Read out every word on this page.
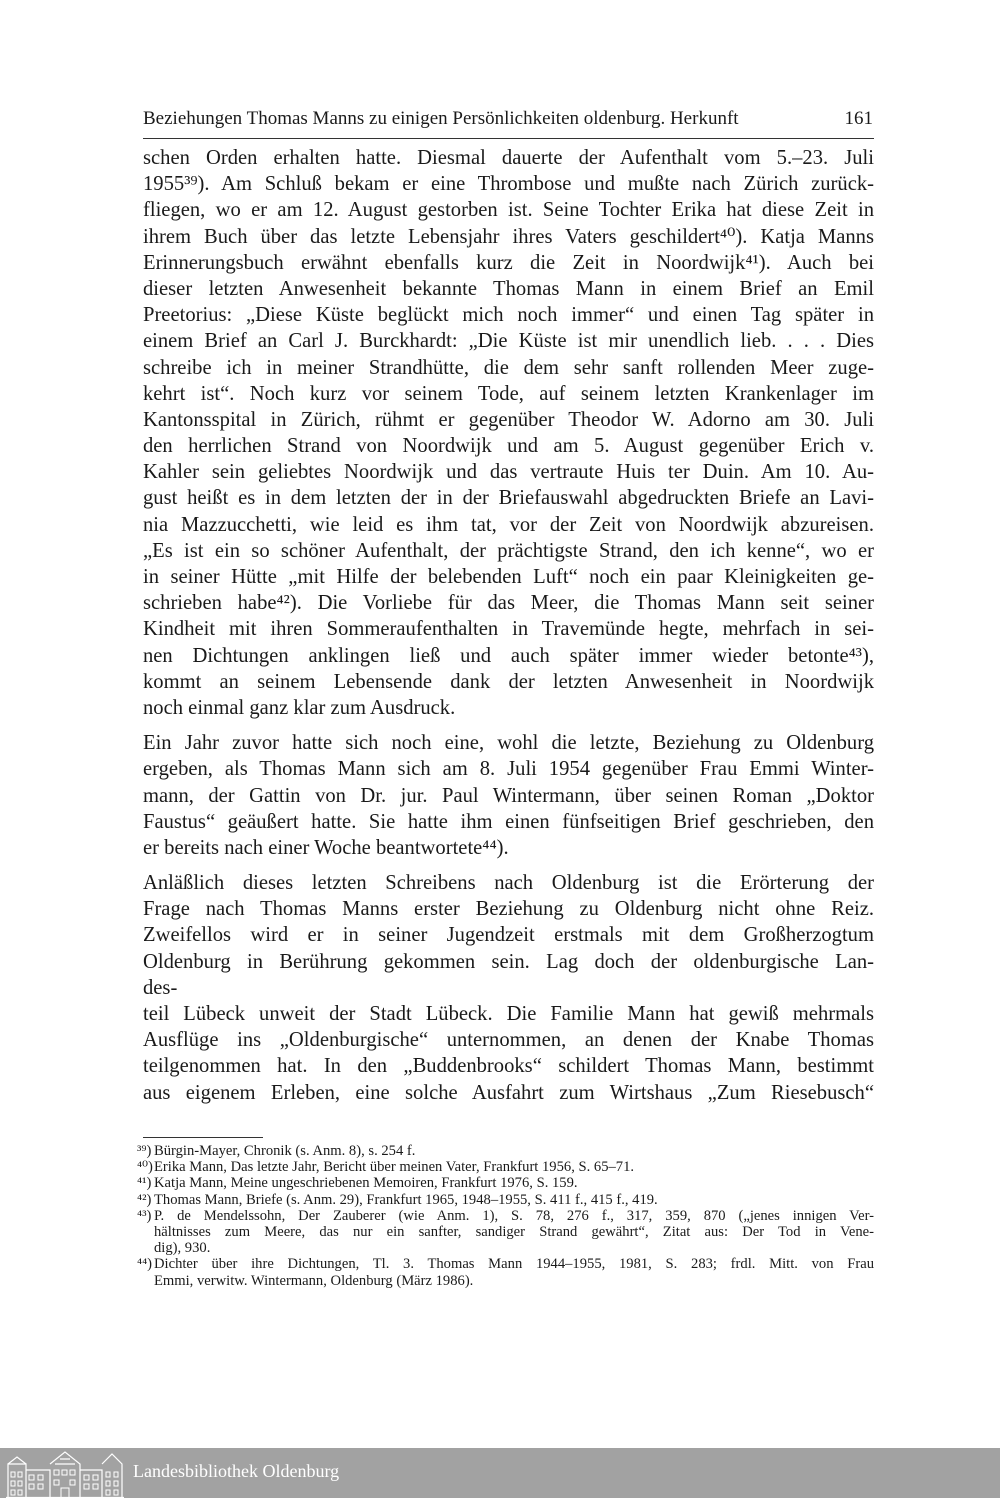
Beziehungen Thomas Manns zu einigen Persönlichkeiten oldenburg. Herkunft	161
schen Orden erhalten hatte. Diesmal dauerte der Aufenthalt vom 5.–23. Juli
1955³⁹). Am Schluß bekam er eine Thrombose und mußte nach Zürich zurück-
fliegen, wo er am 12. August gestorben ist. Seine Tochter Erika hat diese Zeit in
ihrem Buch über das letzte Lebensjahr ihres Vaters geschildert⁴⁰). Katja Manns
Erinnerungsbuch erwähnt ebenfalls kurz die Zeit in Noordwijk⁴¹). Auch bei
dieser letzten Anwesenheit bekannte Thomas Mann in einem Brief an Emil
Preetorius: „Diese Küste beglückt mich noch immer“ und einen Tag später in
einem Brief an Carl J. Burckhardt: „Die Küste ist mir unendlich lieb. . . . Dies
schreibe ich in meiner Strandhütte, die dem sehr sanft rollenden Meer zuge-
kehrt ist“. Noch kurz vor seinem Tode, auf seinem letzten Krankenlager im
Kantonsspital in Zürich, rühmt er gegenüber Theodor W. Adorno am 30. Juli
den herrlichen Strand von Noordwijk und am 5. August gegenüber Erich v.
Kahler sein geliebtes Noordwijk und das vertraute Huis ter Duin. Am 10. Au-
gust heißt es in dem letzten der in der Briefauswahl abgedruckten Briefe an Lavi-
nia Mazzucchetti, wie leid es ihm tat, vor der Zeit von Noordwijk abzureisen.
„Es ist ein so schöner Aufenthalt, der prächtigste Strand, den ich kenne“, wo er
in seiner Hütte „mit Hilfe der belebenden Luft“ noch ein paar Kleinigkeiten ge-
schrieben habe⁴²). Die Vorliebe für das Meer, die Thomas Mann seit seiner
Kindheit mit ihren Sommeraufenthalten in Travemünde hegte, mehrfach in sei-
nen Dichtungen anklingen ließ und auch später immer wieder betonte⁴³),
kommt an seinem Lebensende dank der letzten Anwesenheit in Noordwijk
noch einmal ganz klar zum Ausdruck.
Ein Jahr zuvor hatte sich noch eine, wohl die letzte, Beziehung zu Oldenburg
ergeben, als Thomas Mann sich am 8. Juli 1954 gegenüber Frau Emmi Winter-
mann, der Gattin von Dr. jur. Paul Wintermann, über seinen Roman „Doktor
Faustus“ geäußert hatte. Sie hatte ihm einen fünfseitigen Brief geschrieben, den
er bereits nach einer Woche beantwortete⁴⁴).
Anläßlich dieses letzten Schreibens nach Oldenburg ist die Erörterung der
Frage nach Thomas Manns erster Beziehung zu Oldenburg nicht ohne Reiz.
Zweifellos wird er in seiner Jugendzeit erstmals mit dem Großherzogtum
Oldenburg in Berührung gekommen sein. Lag doch der oldenburgische Lan-
des-
teil Lübeck unweit der Stadt Lübeck. Die Familie Mann hat gewiß mehrmals
Ausflüge ins „Oldenburgische“ unternommen, an denen der Knabe Thomas
teilgenommen hat. In den „Buddenbrooks“ schildert Thomas Mann, bestimmt
aus eigenem Erleben, eine solche Ausfahrt zum Wirtshaus „Zum Riesebusch“
³⁹) Bürgin-Mayer, Chronik (s. Anm. 8), s. 254 f.
⁴⁰) Erika Mann, Das letzte Jahr, Bericht über meinen Vater, Frankfurt 1956, S. 65–71.
⁴¹) Katja Mann, Meine ungeschriebenen Memoiren, Frankfurt 1976, S. 159.
⁴²) Thomas Mann, Briefe (s. Anm. 29), Frankfurt 1965, 1948–1955, S. 411 f., 415 f., 419.
⁴³) P. de Mendelssohn, Der Zauberer (wie Anm. 1), S. 78, 276 f., 317, 359, 870 („jenes innigen Ver-
hältnisses zum Meere, das nur ein sanfter, sandiger Strand gewährt“, Zitat aus: Der Tod in Vene-
dig), 930.
⁴⁴) Dichter über ihre Dichtungen, Tl. 3. Thomas Mann 1944–1955, 1981, S. 283; frdl. Mitt. von Frau
Emmi, verwitw. Wintermann, Oldenburg (März 1986).
Landesbibliothek Oldenburg
